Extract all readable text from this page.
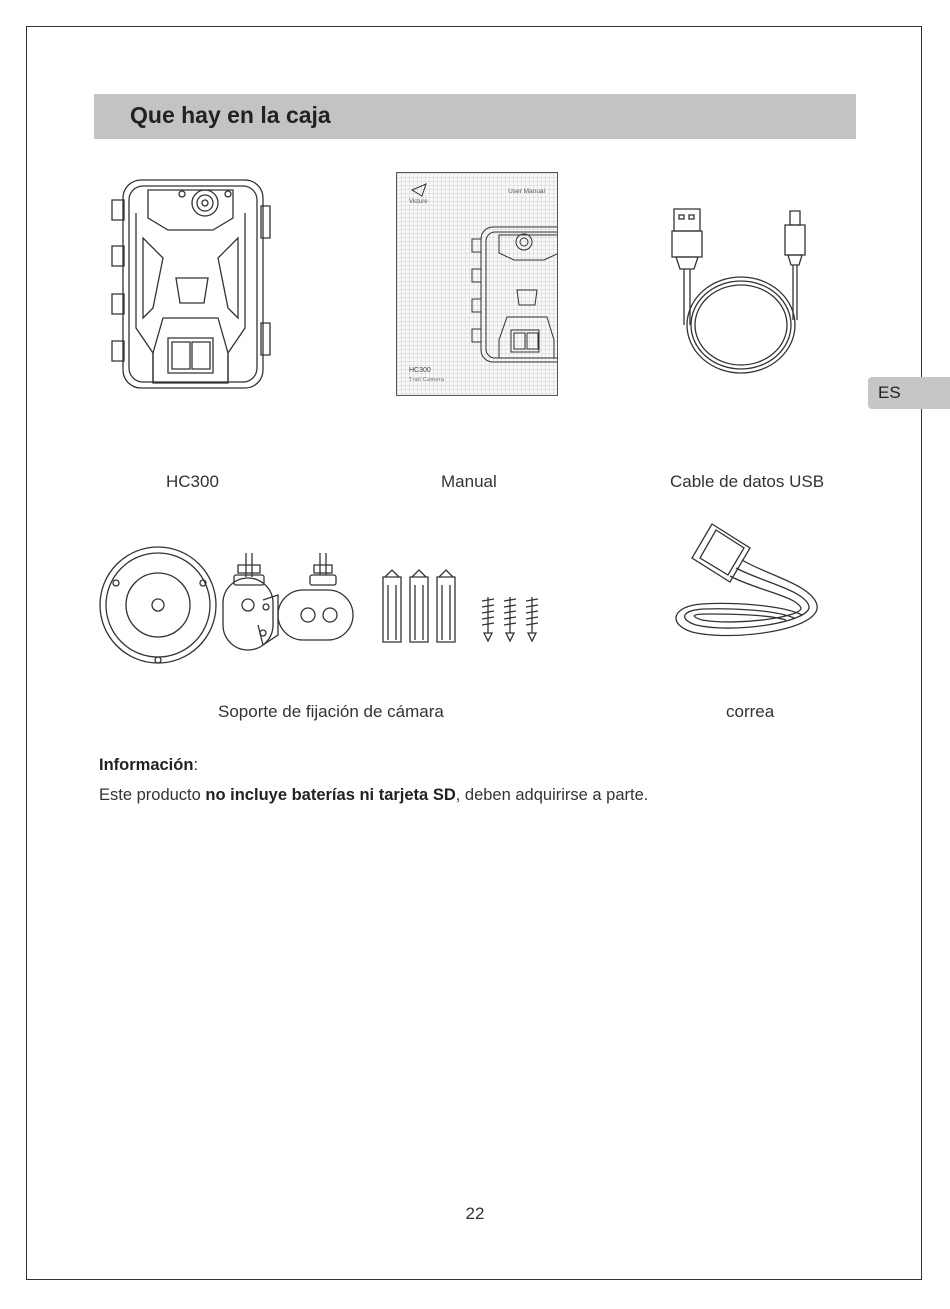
Que hay en la caja
ES
Victure
User Manual
HC300
Trail Camera
HC300	Manual	Cable de datos USB
Soporte de fijación de cámara	correa
Información:
Este producto no incluye baterías ni tarjeta SD, deben adquirirse a parte.
22
